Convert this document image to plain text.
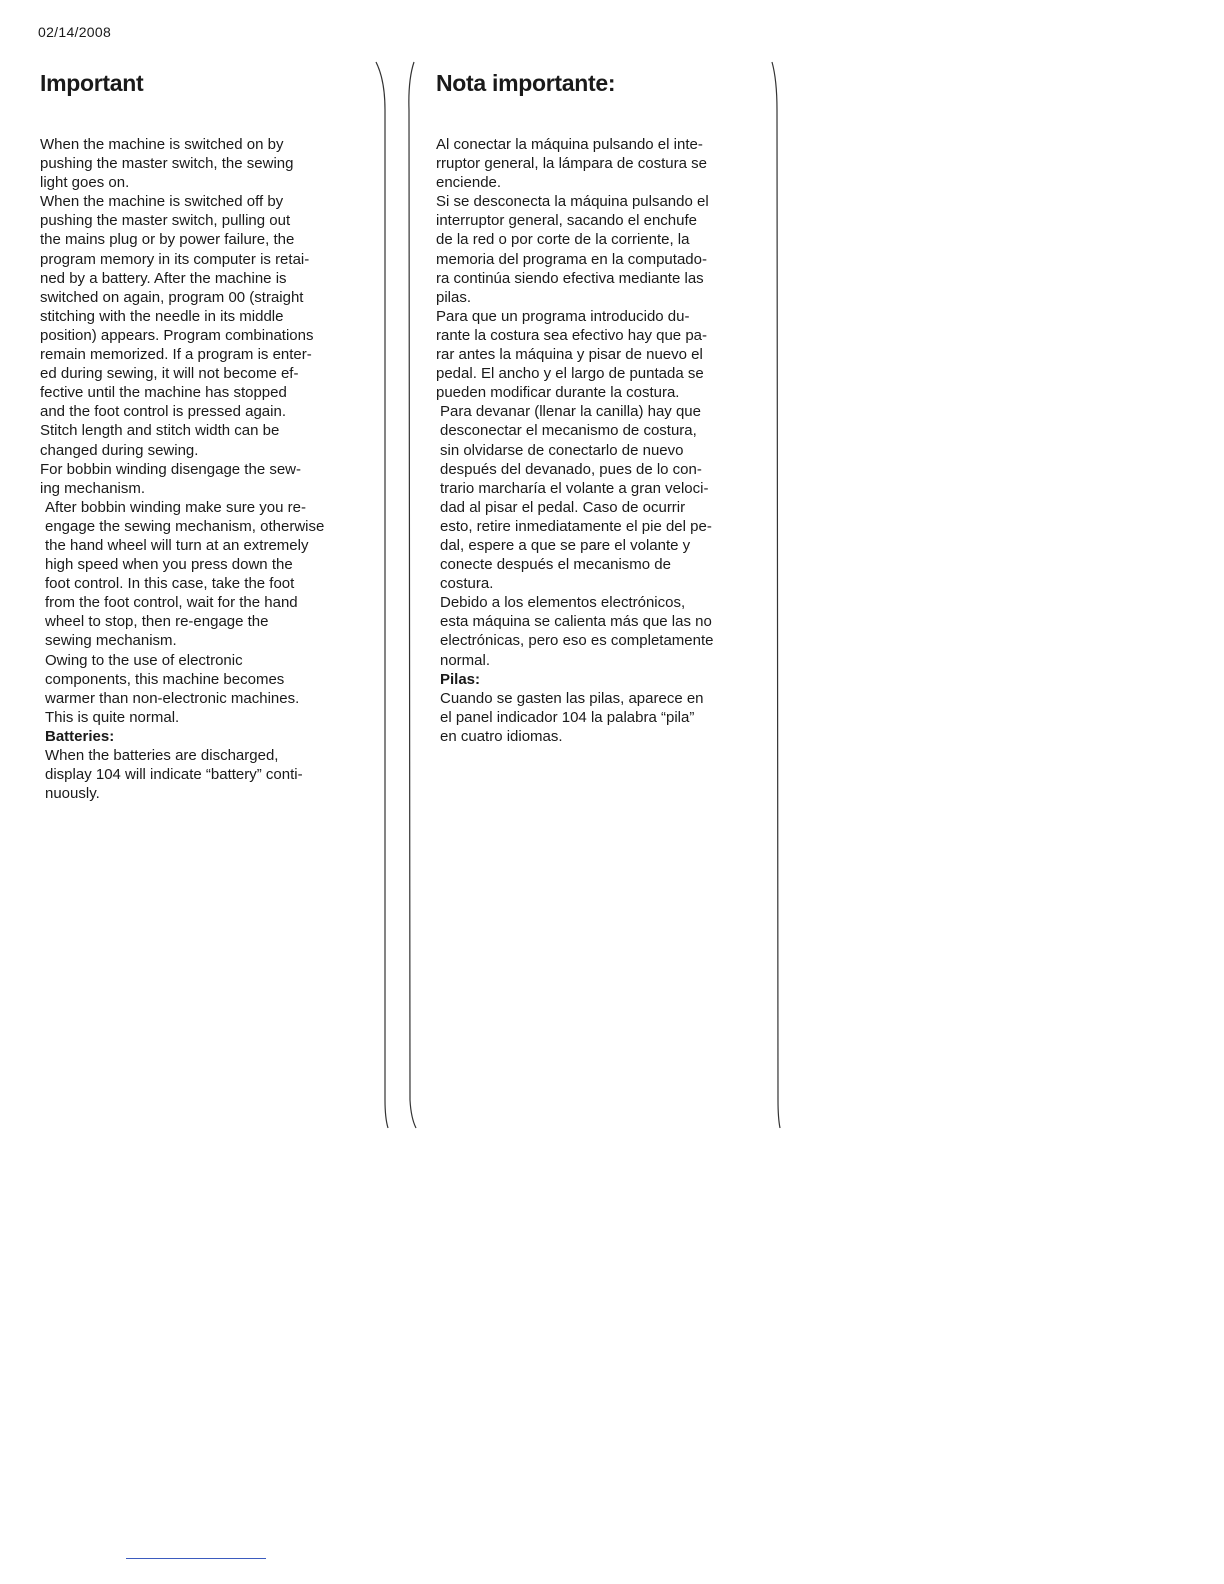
02/14/2008
Important

When the machine is switched on by

pushing the master switch, the sewing

light goes on.

When the machine is switched off by

pushing the master switch, pulling out

the mains plug or by power failure, the

program memory in its computer is retai-

ned by a battery. After the machine is

switched on again, program 00 (straight

stitching with the needle in its middle

position) appears. Program combinations

remain memorized. If a program is enter-

ed during sewing, it will not become ef-

fective until the machine has stopped

and the foot control is pressed again.

Stitch length and stitch width can be

changed during sewing.

For bobbin winding disengage the sew-

ing mechanism.

After bobbin winding make sure you re-

engage the sewing mechanism, otherwise

the hand wheel will turn at an extremely

high speed when you press down the

foot control. In this case, take the foot

from the foot control, wait for the hand

wheel to stop, then re-engage the

sewing mechanism.

Owing to the use of electronic

components, this machine becomes

warmer than non-electronic machines.

This is quite normal.

Batteries:

When the batteries are discharged,

display 104 will indicate “battery” conti-

nuously.

Nota importante:

Al conectar la máquina pulsando el inte-

rruptor general, la lámpara de costura se

enciende.

Si se desconecta la máquina pulsando el

interruptor general, sacando el enchufe

de la red o por corte de la corriente, la

memoria del programa en la computado-

ra continúa siendo efectiva mediante las

pilas.

Para que un programa introducido du-

rante la costura sea efectivo hay que pa-

rar antes la máquina y pisar de nuevo el

pedal. El ancho y el largo de puntada se

pueden modificar durante la costura.

Para devanar (llenar la canilla) hay que

desconectar el mecanismo de costura,

sin olvidarse de conectarlo de nuevo

después del devanado, pues de lo con-

trario marcharía el volante a gran veloci-

dad al pisar el pedal. Caso de ocurrir

esto, retire inmediatamente el pie del pe-

dal, espere a que se pare el volante y

conecte después el mecanismo de

costura.

Debido a los elementos electrónicos,

esta máquina se calienta más que las no

electrónicas, pero eso es completamente

normal.

Pilas:

Cuando se gasten las pilas, aparece en

el panel indicador 104 la palabra “pila”

en cuatro idiomas.
